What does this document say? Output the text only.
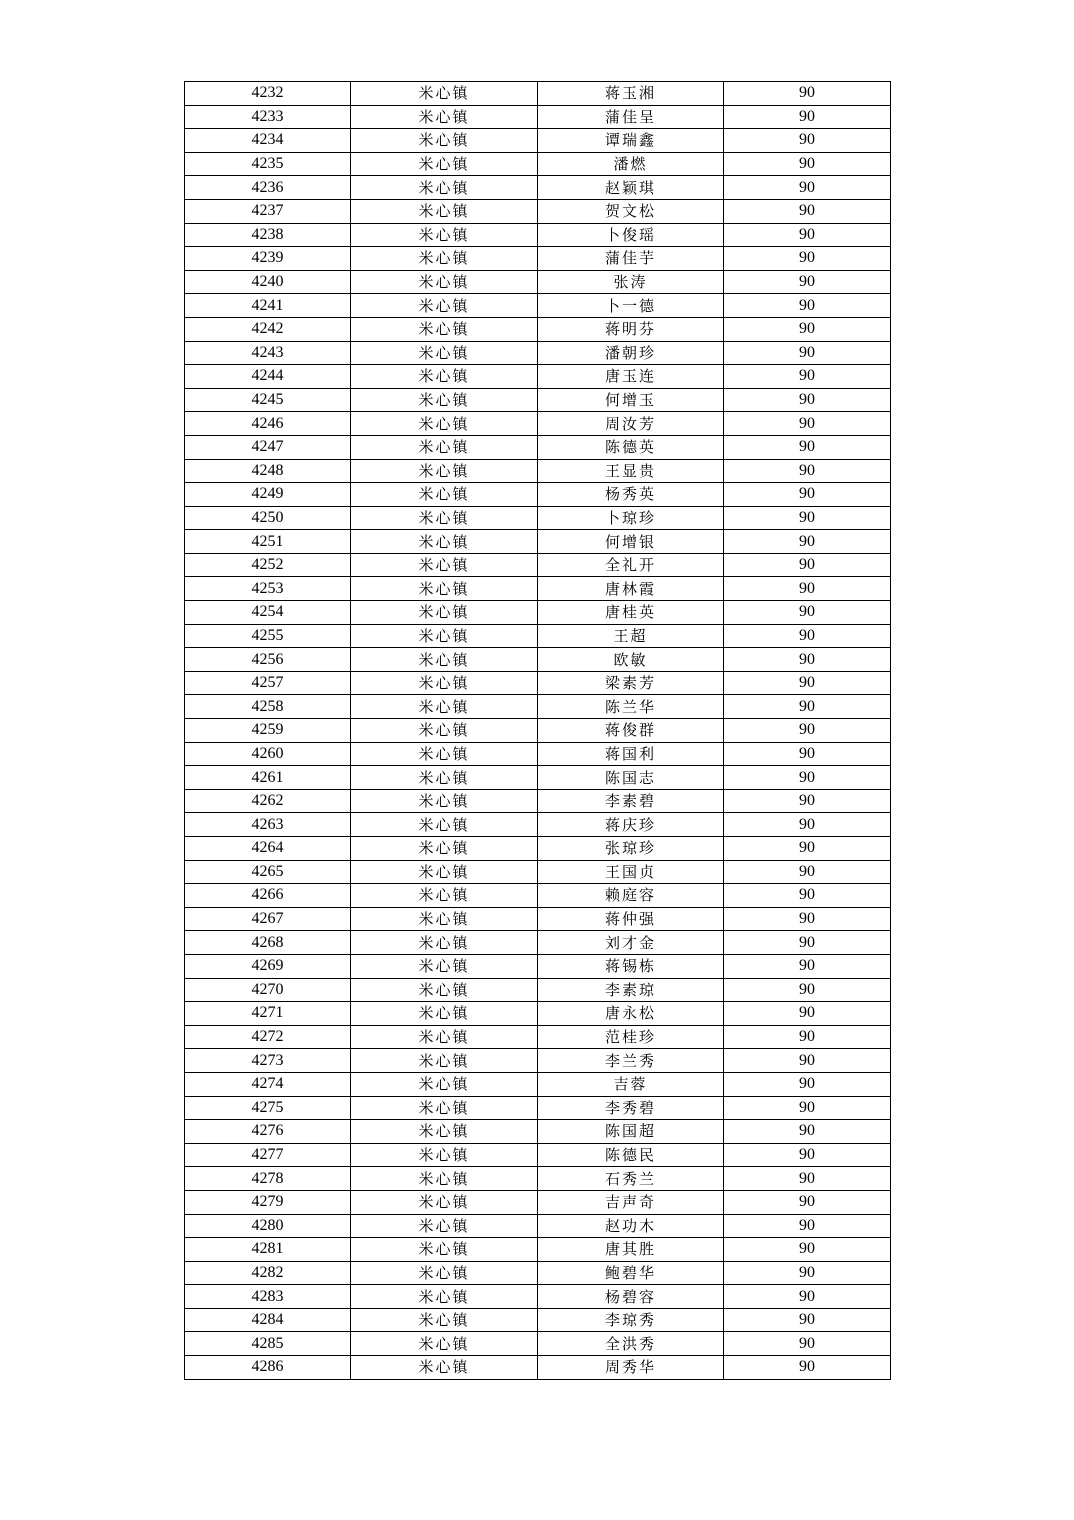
4232	米心镇	蒋玉湘	90
4233	米心镇	蒲佳呈	90
4234	米心镇	谭瑞鑫	90
4235	米心镇	潘燃	90
4236	米心镇	赵颖琪	90
4237	米心镇	贺文松	90
4238	米心镇	卜俊瑶	90
4239	米心镇	蒲佳芋	90
4240	米心镇	张涛	90
4241	米心镇	卜一德	90
4242	米心镇	蒋明芬	90
4243	米心镇	潘朝珍	90
4244	米心镇	唐玉连	90
4245	米心镇	何增玉	90
4246	米心镇	周汝芳	90
4247	米心镇	陈德英	90
4248	米心镇	王显贵	90
4249	米心镇	杨秀英	90
4250	米心镇	卜琼珍	90
4251	米心镇	何增银	90
4252	米心镇	全礼开	90
4253	米心镇	唐林霞	90
4254	米心镇	唐桂英	90
4255	米心镇	王超	90
4256	米心镇	欧敏	90
4257	米心镇	梁素芳	90
4258	米心镇	陈兰华	90
4259	米心镇	蒋俊群	90
4260	米心镇	蒋国利	90
4261	米心镇	陈国志	90
4262	米心镇	李素碧	90
4263	米心镇	蒋庆珍	90
4264	米心镇	张琼珍	90
4265	米心镇	王国贞	90
4266	米心镇	赖庭容	90
4267	米心镇	蒋仲强	90
4268	米心镇	刘才金	90
4269	米心镇	蒋锡栋	90
4270	米心镇	李素琼	90
4271	米心镇	唐永松	90
4272	米心镇	范桂珍	90
4273	米心镇	李兰秀	90
4274	米心镇	吉蓉	90
4275	米心镇	李秀碧	90
4276	米心镇	陈国超	90
4277	米心镇	陈德民	90
4278	米心镇	石秀兰	90
4279	米心镇	吉声奇	90
4280	米心镇	赵功木	90
4281	米心镇	唐其胜	90
4282	米心镇	鲍碧华	90
4283	米心镇	杨碧容	90
4284	米心镇	李琼秀	90
4285	米心镇	全洪秀	90
4286	米心镇	周秀华	90
